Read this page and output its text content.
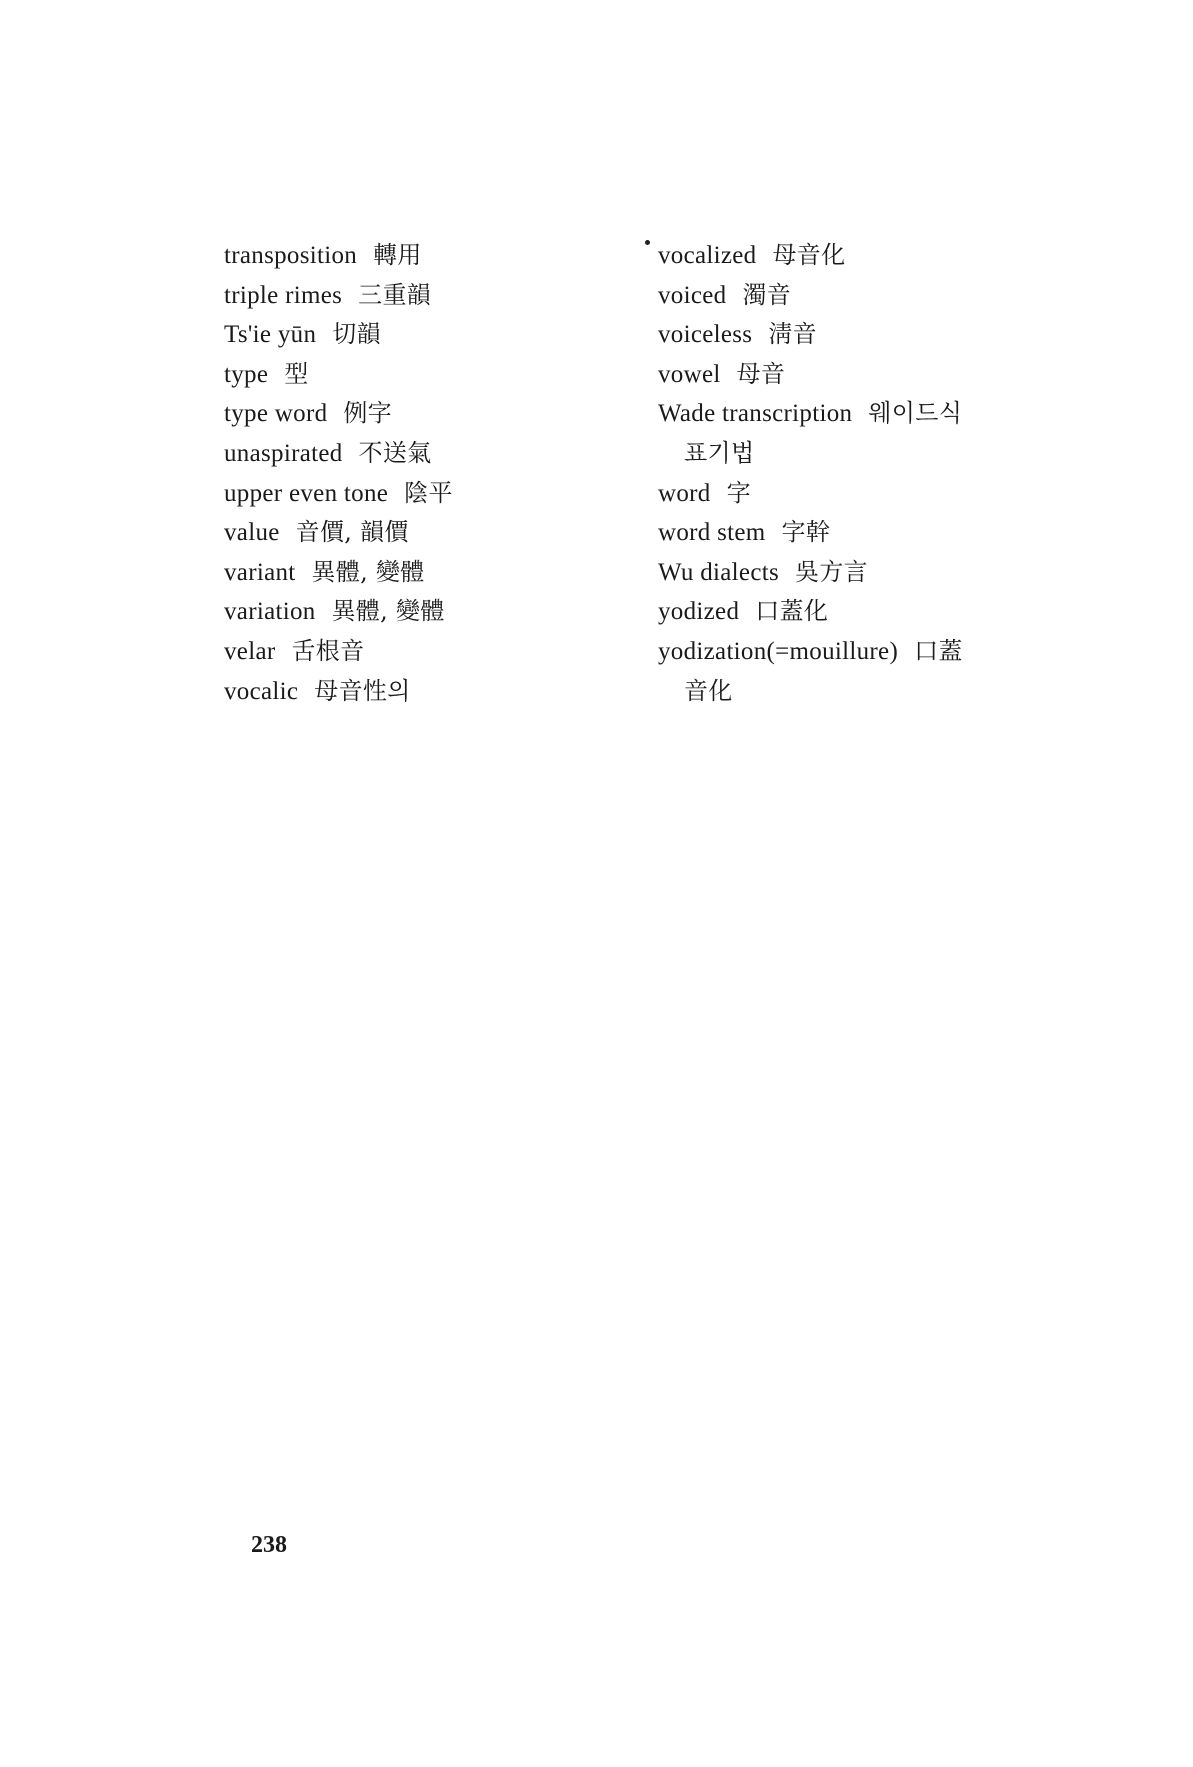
transposition 轉用
triple rimes 三重韻
Ts'ie yūn 切韻
type 型
type word 例字
unaspirated 不送氣
upper even tone 陰平
value 音價, 韻價
variant 異體, 變體
variation 異體, 變體
velar 舌根音
vocalic 母音性의
vocalized 母音化
voiced 濁音
voiceless 淸音
vowel 母音
Wade transcription 웨이드식
표기법
word 字
word stem 字幹
Wu dialects 吳方言
yodized 口蓋化
yodization(=mouillure) 口蓋
音化
238
